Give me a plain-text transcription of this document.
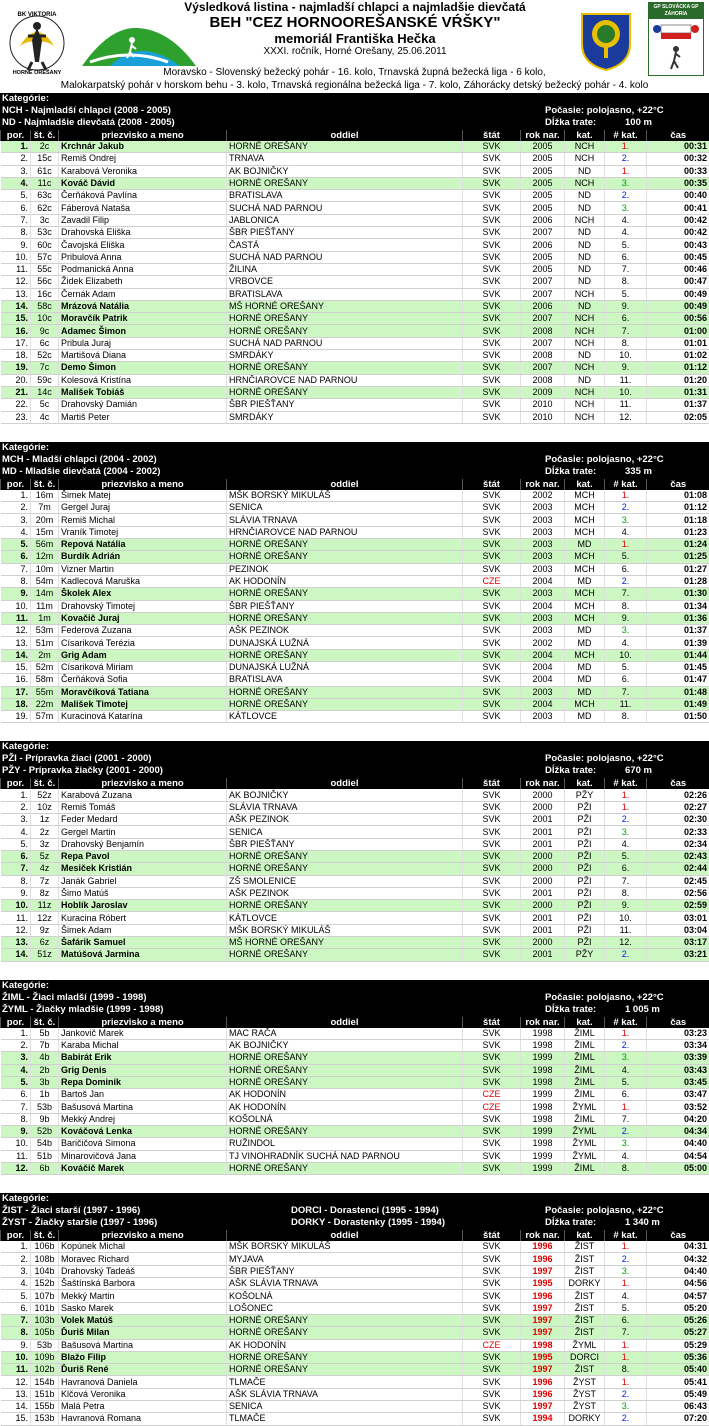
BK VIKTORIA
HORNÉ OREŠANY
Výsledková listina - najmladší chlapci a najmladšie dievčatá
BEH "CEZ HORNOOREŠANSKÉ VŔŠKY"
memoriál Františka Hečka
XXXI. ročník, Horné Orešany, 25.06.2011
GP SLOVÁCKA GP ZÁHORIA
Moravsko - Slovenský bežecký pohár - 16. kolo, Trnavská župná bežecká liga - 6 kolo,
Malokarpatský pohár v horskom behu - 3. kolo, Trnavská regionálna bežecká liga - 7. kolo, Záhorácky detský bežecký pohár - 4. kolo
Kategórie:
NCH - Najmladší chlapci (2008 - 2005)
ND - Najmladšie dievčatá (2008 - 2005)
Počasie: polojasno, +22°C
Dĺžka trate:	100 m
por.	št. č.	priezvisko a meno	oddiel	štát	rok nar.	kat.	# kat.	čas
1.	2c	Krchnár Jakub	HORNÉ OREŠANY	SVK	2005	NCH	1.	00:31
2.	15c	Remiš Ondrej	TRNAVA	SVK	2005	NCH	2.	00:32
3.	61c	Karabová Veronika	AK BOJNIČKY	SVK	2005	ND	1.	00:33
4.	11c	Kováč Dávid	HORNÉ OREŠANY	SVK	2005	NCH	3.	00:35
5.	63c	Čerňáková Pavlína	BRATISLAVA	SVK	2005	ND	2.	00:40
6.	62c	Fáberová Nataša	SUCHÁ NAD PARNOU	SVK	2005	ND	3.	00:41
7.	3c	Zavadil Filip	JABLONICA	SVK	2006	NCH	4.	00:42
8.	53c	Drahovská Eliška	ŠBR PIEŠŤANY	SVK	2007	ND	4.	00:42
9.	60c	Čavojská Eliška	ČASTÁ	SVK	2006	ND	5.	00:43
10.	57c	Pribulová Anna	SUCHÁ NAD PARNOU	SVK	2005	ND	6.	00:45
11.	55c	Podmanická Anna	ŽILINA	SVK	2005	ND	7.	00:46
12.	56c	Židek Elizabeth	VRBOVCE	SVK	2007	ND	8.	00:47
13.	16c	Černák Adam	BRATISLAVA	SVK	2007	NCH	5.	00:49
14.	58c	Mrázová Natália	MŠ HORNÉ OREŠANY	SVK	2006	ND	9.	00:49
15.	10c	Moravčík Patrik	HORNÉ OREŠANY	SVK	2007	NCH	6.	00:56
16.	9c	Adamec Šimon	HORNÉ OREŠANY	SVK	2008	NCH	7.	01:00
17.	6c	Pribula Juraj	SUCHÁ NAD PARNOU	SVK	2007	NCH	8.	01:01
18.	52c	Martišová Diana	SMRDÁKY	SVK	2008	ND	10.	01:02
19.	7c	Demo Šimon	HORNÉ OREŠANY	SVK	2007	NCH	9.	01:12
20.	59c	Kolesová Kristína	HRNČIAROVCE NAD PARNOU	SVK	2008	ND	11.	01:20
21.	14c	Mališek Tobiáš	HORNÉ OREŠANY	SVK	2009	NCH	10.	01:31
22.	5c	Drahovský Damián	ŠBR PIEŠŤANY	SVK	2010	NCH	11.	01:37
23.	4c	Martiš Peter	SMRDÁKY	SVK	2010	NCH	12.	02:05
Kategórie:
MCH - Mladší chlapci (2004 - 2002)
MD - Mladšie dievčatá (2004 - 2002)
Počasie: polojasno, +22°C
Dĺžka trate:	335 m
por.	št. č.	priezvisko a meno	oddiel	štát	rok nar.	kat.	# kat.	čas
1.	16m	Šimek Matej	MŠK BORSKÝ MIKULÁŠ	SVK	2002	MCH	1.	01:08
2.	7m	Gergel Juraj	SENICA	SVK	2003	MCH	2.	01:12
3.	20m	Remiš Michal	SLÁVIA TRNAVA	SVK	2003	MCH	3.	01:18
4.	15m	Vraník Timotej	HRNČIAROVCE NAD PARNOU	SVK	2003	MCH	4.	01:23
5.	56m	Repová Natália	HORNÉ OREŠANY	SVK	2003	MD	1.	01:24
6.	12m	Burdík Adrián	HORNÉ OREŠANY	SVK	2003	MCH	5.	01:25
7.	10m	Vizner Martin	PEZINOK	SVK	2003	MCH	6.	01:27
8.	54m	Kadlecová Maruška	AK HODONÍN	CZE	2004	MD	2.	01:28
9.	14m	Školek Alex	HORNÉ OREŠANY	SVK	2003	MCH	7.	01:30
10.	11m	Drahovský Timotej	ŠBR PIEŠŤANY	SVK	2004	MCH	8.	01:34
11.	1m	Kovačič Juraj	HORNÉ OREŠANY	SVK	2003	MCH	9.	01:36
12.	53m	Federová Zuzana	AŠK PEZINOK	SVK	2003	MD	3.	01:37
13.	51m	Císariková Terézia	DUNAJSKÁ LUŽNÁ	SVK	2002	MD	4.	01:39
14.	2m	Grig Adam	HORNÉ OREŠANY	SVK	2004	MCH	10.	01:44
15.	52m	Císariková Miriam	DUNAJSKÁ LUŽNÁ	SVK	2004	MD	5.	01:45
16.	58m	Čerňáková Sofia	BRATISLAVA	SVK	2004	MD	6.	01:47
17.	55m	Moravčíková Tatiana	HORNÉ OREŠANY	SVK	2003	MD	7.	01:48
18.	22m	Mališek Timotej	HORNÉ OREŠANY	SVK	2004	MCH	11.	01:49
19.	57m	Kuracinová Katarína	KÁTLOVCE	SVK	2003	MD	8.	01:50
Kategórie:
PŽI - Prípravka žiaci (2001 - 2000)
PŽY - Prípravka žiačky (2001 - 2000)
Počasie: polojasno, +22°C
Dĺžka trate:	670 m
por.	št. č.	priezvisko a meno	oddiel	štát	rok nar.	kat.	# kat.	čas
1.	52z	Karabová Zuzana	AK BOJNIČKY	SVK	2000	PŽY	1.	02:26
2.	10z	Remiš Tomáš	SLÁVIA TRNAVA	SVK	2000	PŽI	1.	02:27
3.	1z	Feder Medard	AŠK PEZINOK	SVK	2001	PŽI	2.	02:30
4.	2z	Gergel Martin	SENICA	SVK	2001	PŽI	3.	02:33
5.	3z	Drahovský Benjamín	ŠBR PIEŠŤANY	SVK	2001	PŽI	4.	02:34
6.	5z	Repa Pavol	HORNÉ OREŠANY	SVK	2000	PŽI	5.	02:43
7.	4z	Mesiček Kristián	HORNÉ OREŠANY	SVK	2000	PŽI	6.	02:44
8.	7z	Janák Gabriel	ZŠ SMOLENICE	SVK	2000	PŽI	7.	02:45
9.	8z	Šimo Matúš	AŠK PEZINOK	SVK	2001	PŽI	8.	02:56
10.	11z	Hoblík Jaroslav	HORNÉ OREŠANY	SVK	2000	PŽI	9.	02:59
11.	12z	Kuracina Róbert	KÁTLOVCE	SVK	2001	PŽI	10.	03:01
12.	9z	Šimek Adam	MŠK BORSKÝ MIKULÁŠ	SVK	2001	PŽI	11.	03:04
13.	6z	Šafárik Samuel	MŠ HORNÉ OREŠANY	SVK	2000	PŽI	12.	03:17
14.	51z	Matúšová Jarmina	HORNÉ OREŠANY	SVK	2001	PŽY	2.	03:21
Kategórie:
ŽIML - Žiaci mladší (1999 - 1998)
ŽYML - Žiačky mladšie (1999 - 1998)
Počasie: polojasno, +22°C
Dĺžka trate:	1 005 m
por.	št. č.	priezvisko a meno	oddiel	štát	rok nar.	kat.	# kat.	čas
1.	5b	Jankovič Marek	MAC RAČA	SVK	1998	ŽIML	1.	03:23
2.	7b	Karaba Michal	AK BOJNIČKY	SVK	1998	ŽIML	2.	03:34
3.	4b	Babirát Erik	HORNÉ OREŠANY	SVK	1999	ŽIML	3.	03:39
4.	2b	Grig Denis	HORNÉ OREŠANY	SVK	1998	ŽIML	4.	03:43
5.	3b	Repa Dominik	HORNÉ OREŠANY	SVK	1998	ŽIML	5.	03:45
6.	1b	Bartoš Jan	AK HODONÍN	CZE	1999	ŽIML	6.	03:47
7.	53b	Bašusová Martina	AK HODONÍN	CZE	1998	ŽYML	1.	03:52
8.	9b	Mekký Andrej	KOŠOLNÁ	SVK	1998	ŽIML	7.	04:20
9.	52b	Kováčová Lenka	HORNÉ OREŠANY	SVK	1999	ŽYML	2.	04:34
10.	54b	Baričičová Simona	RUŽINDOL	SVK	1998	ŽYML	3.	04:40
11.	51b	Minarovičová Jana	TJ VINOHRADNÍK SUCHÁ NAD PARNOU	SVK	1999	ŽYML	4.	04:54
12.	6b	Kováčič Marek	HORNÉ OREŠANY	SVK	1999	ŽIML	8.	05:00
Kategórie:
ŽIST - Žiaci starší (1997 - 1996)
ŽYST - Žiačky staršie (1997 - 1996)
DORCI - Dorastenci (1995 - 1994)
DORKY - Dorastenky (1995 - 1994)
Počasie: polojasno, +22°C
Dĺžka trate:	1 340 m
por.	št. č.	priezvisko a meno	oddiel	štát	rok nar.	kat.	# kat.	čas
1.	106b	Kopúnek Michal	MŠK BORSKÝ MIKULÁŠ	SVK	1996	ŽIST	1.	04:31
2.	108b	Moravec Richard	MYJAVA	SVK	1996	ŽIST	2.	04:32
3.	104b	Drahovský Tadeáš	ŠBR PIEŠŤANY	SVK	1997	ŽIST	3.	04:40
4.	152b	Šaštínská Barbora	AŠK SLÁVIA TRNAVA	SVK	1995	DORKY	1.	04:56
5.	107b	Mekký Martin	KOŠOLNÁ	SVK	1996	ŽIST	4.	04:57
6.	101b	Sasko Marek	LOŠONEC	SVK	1997	ŽIST	5.	05:20
7.	103b	Volek Matúš	HORNÉ OREŠANY	SVK	1997	ŽIST	6.	05:26
8.	105b	Ďuriš Milan	HORNÉ OREŠANY	SVK	1997	ŽIST	7.	05:27
9.	53b	Bašusová Martina	AK HODONÍN	CZE	1998	ŽYML	1.	05:29
10.	109b	Blažo Filip	HORNÉ OREŠANY	SVK	1995	DORCI	1.	05:36
11.	102b	Ďuriš René	HORNÉ OREŠANY	SVK	1997	ŽIST	8.	05:40
12.	154b	Havranová Daniela	TLMAČE	SVK	1996	ŽYST	1.	05:41
13.	151b	Klčová Veronika	AŠK SLÁVIA TRNAVA	SVK	1996	ŽYST	2.	05:49
14.	155b	Malá Petra	SENICA	SVK	1997	ŽYST	3.	06:43
15.	153b	Havranová Romana	TLMAČE	SVK	1994	DORKY	2.	07:20
